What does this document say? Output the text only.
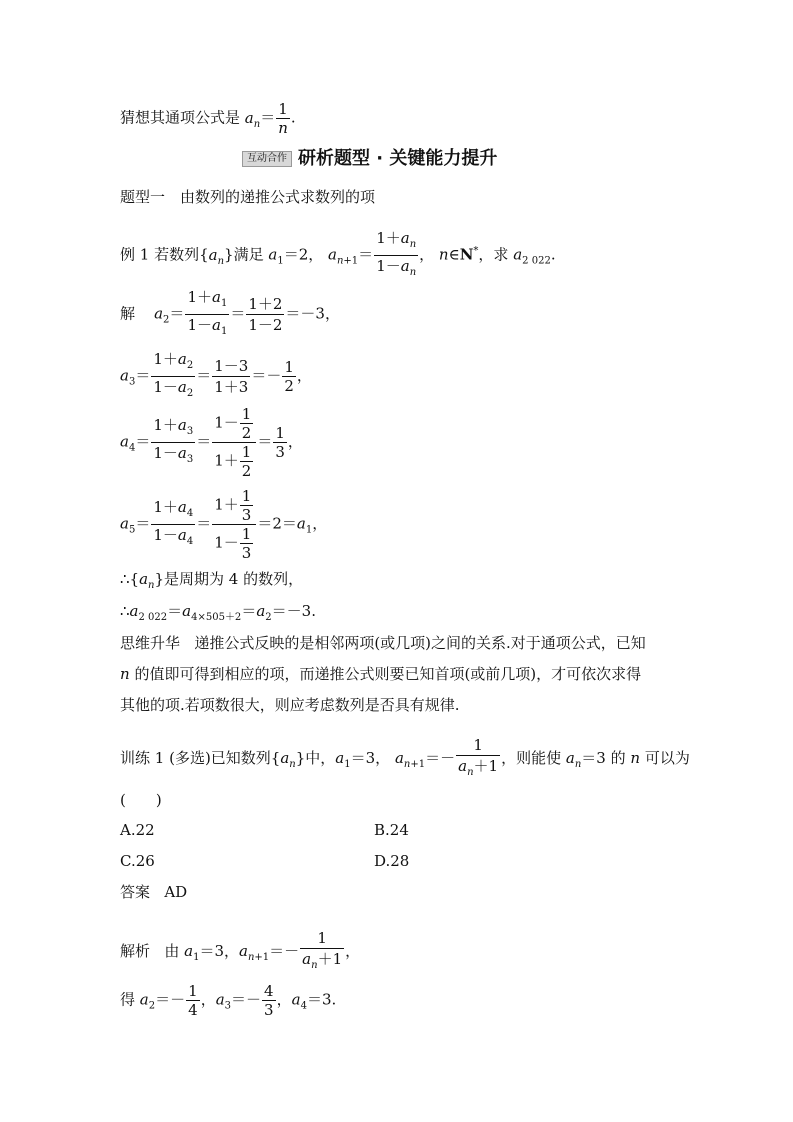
猜想其通项公式是 $a_n= \frac{1}{n}$ .
互动合作 研析题型 · 关键能力提升
题型一　由数列的递推公式求数列的项
例 1 若数列$\{a_n\}$满足 $a_1=2$， $a_{n+1}= \frac{1+a_n}{1-a_n}$ ， n∈N*，求 $a_{2 022}$.
解 $a_2= \frac{1+a_1}{1-a_1} = \frac{1+2}{1-2} =-3$，
$a_3= \frac{1+a_2}{1-a_2} = \frac{1-3}{1+3} =- \frac{1}{2}$ ，
$a_4= \frac{1+a_3}{1-a_3} = \frac{1- \frac{1}{2}}{1+ \frac{1}{2}} = \frac{1}{3}$ ，
$a_5= \frac{1+a_4}{1-a_4} = \frac{1+ \frac{1}{3}}{1- \frac{1}{3}} =2=a_1$，
$\therefore\{a_n\}$是周期为 4 的数列，
$\therefore a_{2 022}=a_{4\times 505+2}=a_2=-3$.
思维升华 递推公式反映的是相邻两项(或几项)之间的关系.对于通项公式，已知
n 的值即可得到相应的项，而递推公式则要已知首项(或前几项)，才可依次求得
其他的项.若项数很大，则应考虑数列是否具有规律.
训练 1 (多选)已知数列$\{a_n\}$中，$a_1=3$， $a_{n+1}=- \frac{1}{a_n+1}$ ，则能使 $a_n=3$ 的 n 可以为
(　　)
A.22	B.24
C.26	D.28
答案 AD
解析 由 $a_1=3$，$a_{n+1}=- \frac{1}{a_n+1}$ ，
得 $a_2=- \frac{1}{4}$ ，$a_3=- \frac{4}{3}$ ，$a_4=3$.
